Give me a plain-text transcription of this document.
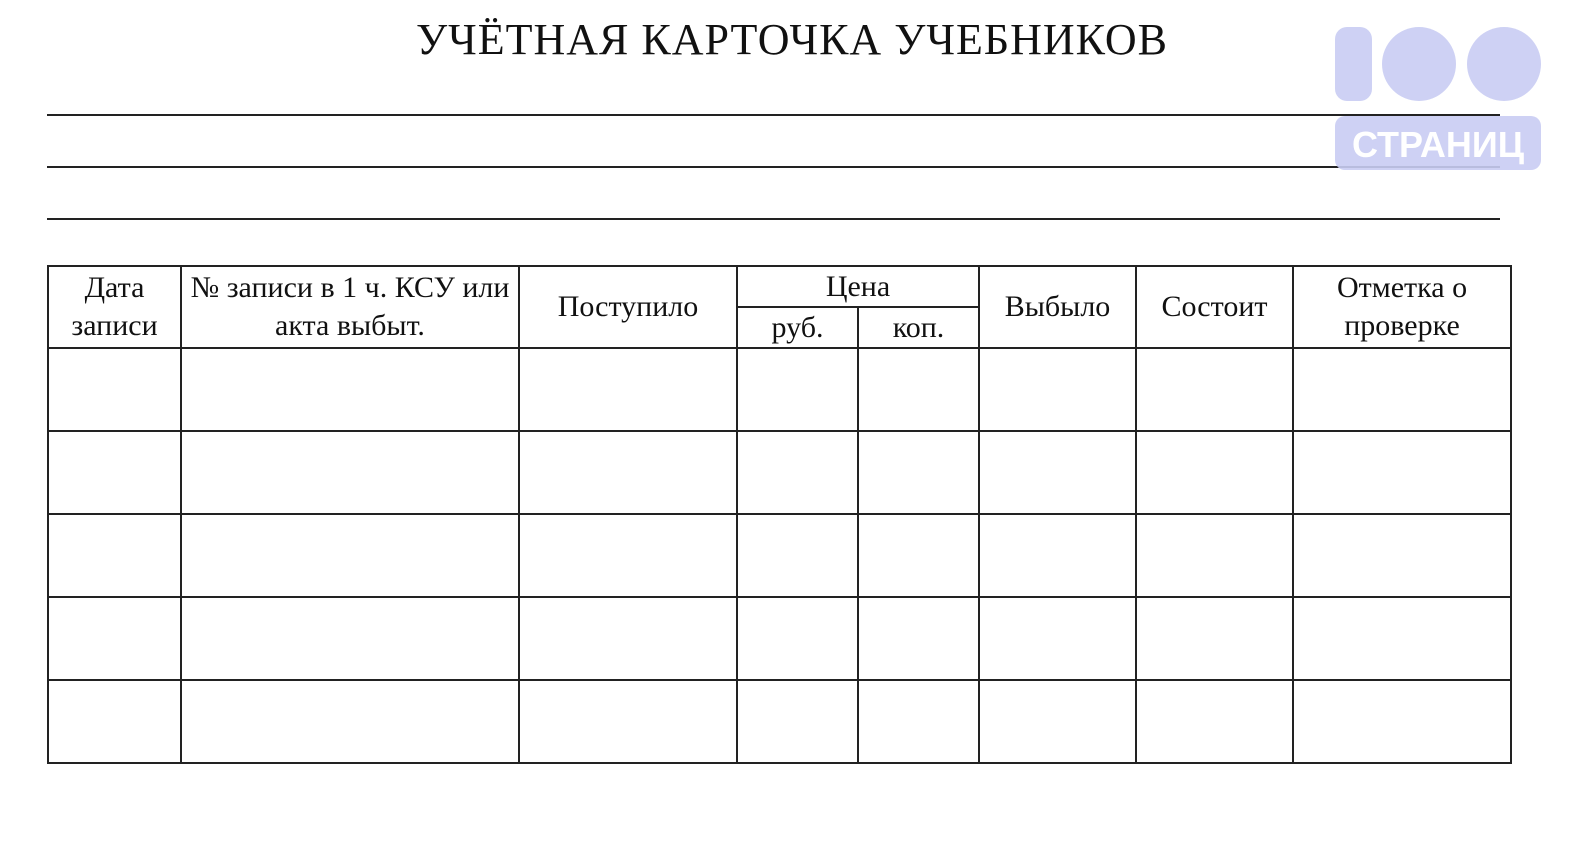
УЧЁТНАЯ КАРТОЧКА УЧЕБНИКОВ
Дата записи	№ записи в 1 ч. КСУ или акта выбыт.	Поступило	Цена		Выбыло	Состоит	Отметка о проверке
			руб.	коп.			

СТРАНИЦ
